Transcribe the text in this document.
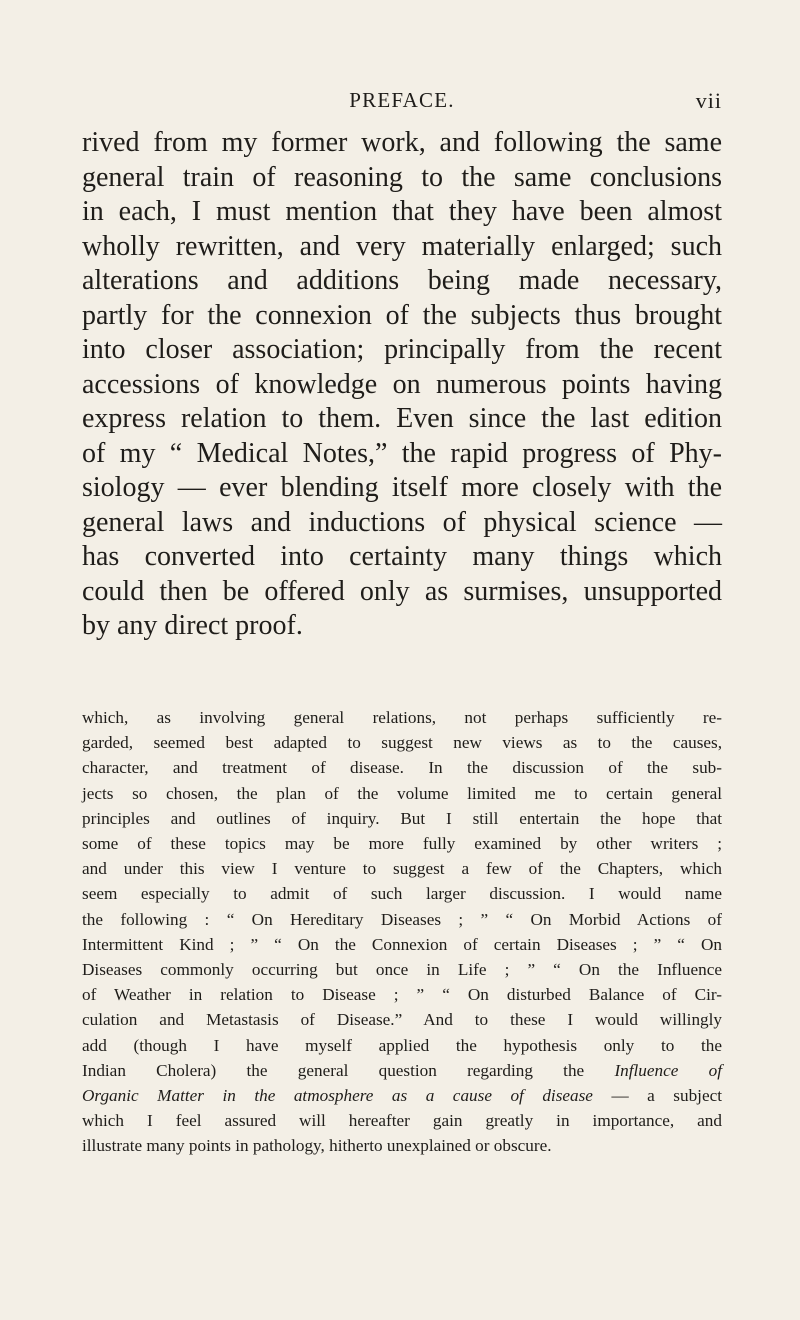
PREFACE.	vii
rived from my former work, and following the same
general train of reasoning to the same conclusions
in each, I must mention that they have been almost
wholly rewritten, and very materially enlarged; such
alterations and additions being made necessary,
partly for the connexion of the subjects thus brought
into closer association; principally from the recent
accessions of knowledge on numerous points having
express relation to them. Even since the last edition
of my “ Medical Notes,” the rapid progress of Phy-
siology — ever blending itself more closely with the
general laws and inductions of physical science —
has converted into certainty many things which
could then be offered only as surmises, unsupported
by any direct proof.
which, as involving general relations, not perhaps sufficiently re-
garded, seemed best adapted to suggest new views as to the causes,
character, and treatment of disease. In the discussion of the sub-
jects so chosen, the plan of the volume limited me to certain general
principles and outlines of inquiry. But I still entertain the hope that
some of these topics may be more fully examined by other writers ;
and under this view I venture to suggest a few of the Chapters, which
seem especially to admit of such larger discussion. I would name
the following : “ On Hereditary Diseases ; ” “ On Morbid Actions of
Intermittent Kind ; ” “ On the Connexion of certain Diseases ; ” “ On
Diseases commonly occurring but once in Life ; ” “ On the Influence
of Weather in relation to Disease ; ” “ On disturbed Balance of Cir-
culation and Metastasis of Disease.” And to these I would willingly
add (though I have myself applied the hypothesis only to the
Indian Cholera) the general question regarding the Influence of
Organic Matter in the atmosphere as a cause of disease — a subject
which I feel assured will hereafter gain greatly in importance, and
illustrate many points in pathology, hitherto unexplained or obscure.
